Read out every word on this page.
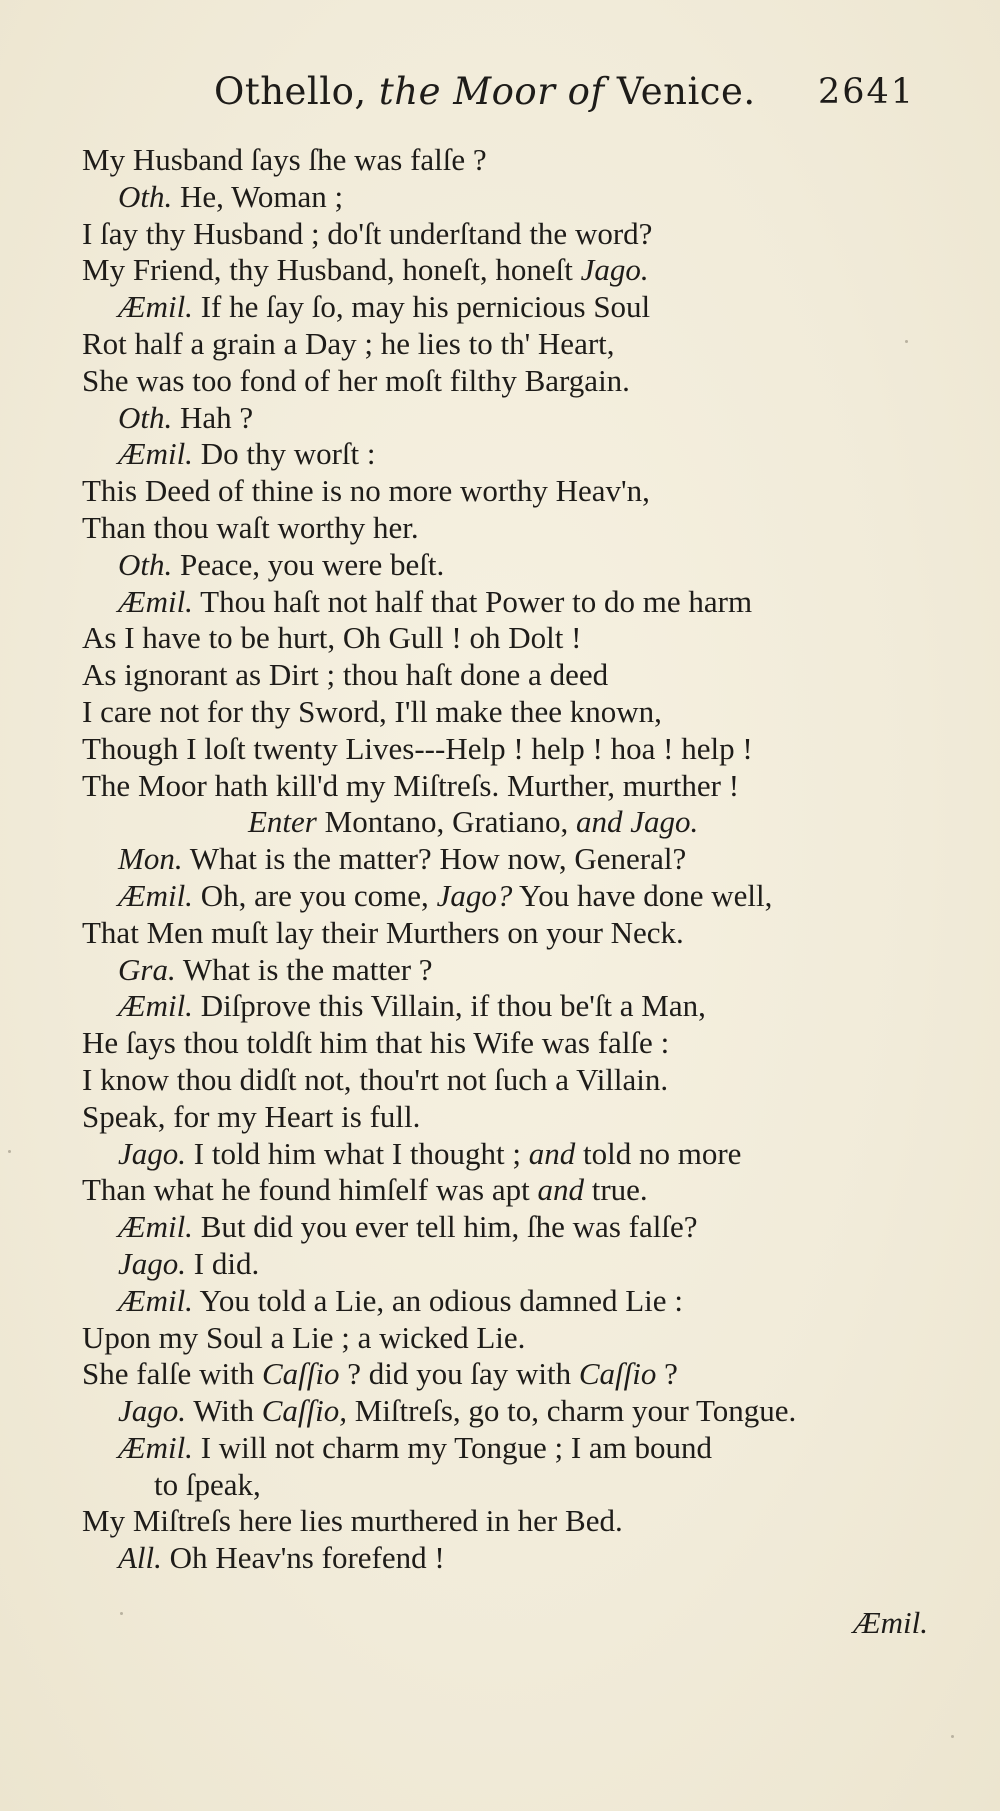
Othello, the Moor of Venice. 2641
My Husband ſays ſhe was falſe ?
Oth. He, Woman ;
I ſay thy Husband ; do'ſt underſtand the word?
My Friend, thy Husband, honeſt, honeſt Jago.
Æmil. If he ſay ſo, may his pernicious Soul
Rot half a grain a Day ; he lies to th' Heart,
She was too fond of her moſt filthy Bargain.
Oth. Hah ?
Æmil. Do thy worſt :
This Deed of thine is no more worthy Heav'n,
Than thou waſt worthy her.
Oth. Peace, you were beſt.
Æmil. Thou haſt not half that Power to do me harm
As I have to be hurt, Oh Gull ! oh Dolt !
As ignorant as Dirt ; thou haſt done a deed
I care not for thy Sword, I'll make thee known,
Though I loſt twenty Lives---Help ! help ! hoa ! help !
The Moor hath kill'd my Miſtreſs. Murther, murther !
Enter Montano, Gratiano, and Jago.
Mon. What is the matter? How now, General?
Æmil. Oh, are you come, Jago? You have done well,
That Men muſt lay their Murthers on your Neck.
Gra. What is the matter ?
Æmil. Diſprove this Villain, if thou be'ſt a Man,
He ſays thou toldſt him that his Wife was falſe :
I know thou didſt not, thou'rt not ſuch a Villain.
Speak, for my Heart is full.
Jago. I told him what I thought ; and told no more
Than what he found himſelf was apt and true.
Æmil. But did you ever tell him, ſhe was falſe?
Jago. I did.
Æmil. You told a Lie, an odious damned Lie :
Upon my Soul a Lie ; a wicked Lie.
She falſe with Caſſio ? did you ſay with Caſſio ?
Jago. With Caſſio, Miſtreſs, go to, charm your Tongue.
Æmil. I will not charm my Tongue ; I am bound
to ſpeak,
My Miſtreſs here lies murthered in her Bed.
All. Oh Heav'ns forefend !
Æmil.
